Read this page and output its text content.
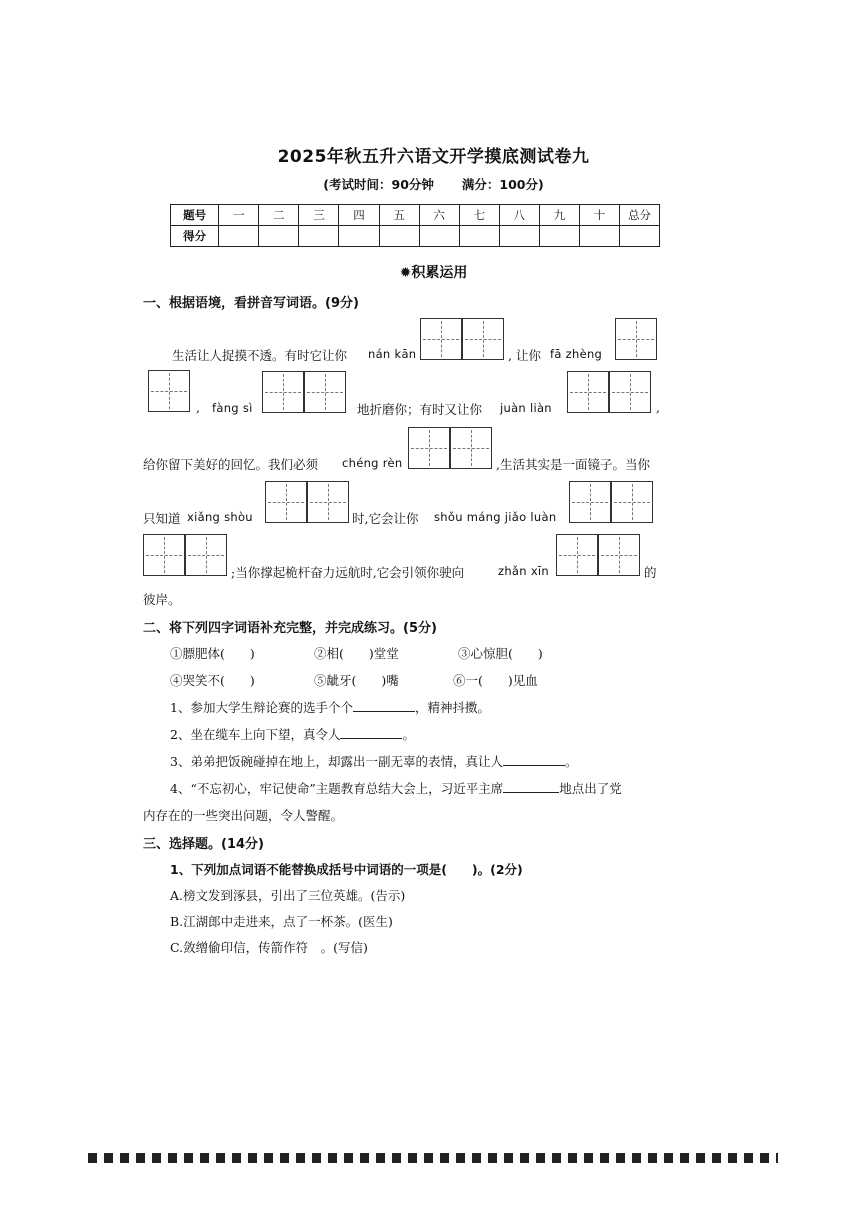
2025年秋五升六语文开学摸底测试卷九
(考试时间：90分钟 满分：100分)
题号	一	二	三	四	五	六	七	八	九	十	总分
得分											
✹积累运用
一、根据语境，看拼音写词语。(9分)
生活让人捉摸不透。有时它让你 nán kān	, 让你 fā zhèng
, fàng sì	地折磨你；有时又让你 juàn liàn	,
给你留下美好的回忆。我们必须 chéng rèn	,生活其实是一面镜子。当你
只知道 xiǎng shòu	时,它会让你 shǒu máng jiǎo luàn
;当你撑起桅杆奋力远航时,它会引领你驶向	zhǎn xīn	的
彼岸。
二、将下列四字词语补充完整，并完成练习。(5分)
①膘肥体(　　)	②相(　　)堂堂	③心惊胆(　　)
④哭笑不(　　)	⑤龇牙(　　)嘴	⑥一(　　)见血
1、参加大学生辩论赛的选手个个	，精神抖擞。
2、坐在缆车上向下望，真令人	。
3、弟弟把饭碗碰掉在地上，却露出一副无辜的表情，真让人	。
4、“不忘初心，牢记使命”主题教育总结大会上，习近平主席	地点出了党
内存在的一些突出问题，令人警醒。
三、选择题。(14分)
1、下列加点词语不能替换成括号中词语的一项是(　　)。(2分)
A.榜文发到涿县，引出了三位英雄。(告示)
B.江湖郎中走进来，点了一杯茶。(医生)
C.敛缯偷印信，传箭作符　。(写信)
